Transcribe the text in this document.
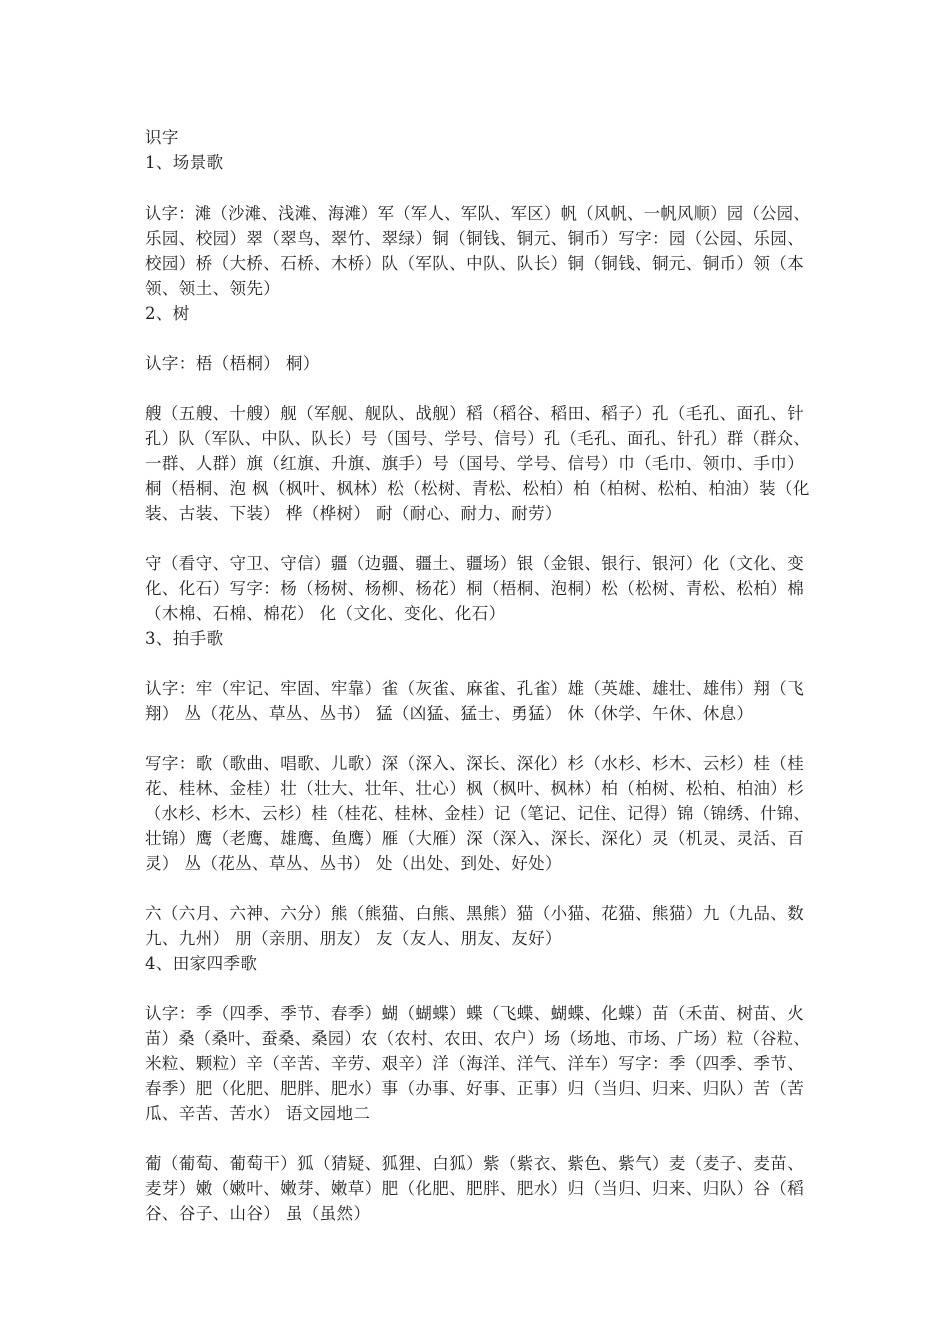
识字
1、场景歌
认字：滩（沙滩、浅滩、海滩）军（军人、军队、军区）帆（风帆、一帆风顺）园（公园、
乐园、校园）翠（翠鸟、翠竹、翠绿）铜（铜钱、铜元、铜币）写字：园（公园、乐园、
校园）桥（大桥、石桥、木桥）队（军队、中队、队长）铜（铜钱、铜元、铜币）领（本
领、领土、领先）
2、树
认字：梧（梧桐） 桐）
艘（五艘、十艘）舰（军舰、舰队、战舰）稻（稻谷、稻田、稻子）孔（毛孔、面孔、针
孔）队（军队、中队、队长）号（国号、学号、信号）孔（毛孔、面孔、针孔）群（群众、
一群、人群）旗（红旗、升旗、旗手）号（国号、学号、信号）巾（毛巾、领巾、手巾）
桐（梧桐、泡 枫（枫叶、枫林）松（松树、青松、松柏）柏（柏树、松柏、柏油）装（化
装、古装、下装） 桦（桦树） 耐（耐心、耐力、耐劳）
守（看守、守卫、守信）疆（边疆、疆土、疆场）银（金银、银行、银河）化（文化、变
化、化石）写字：杨（杨树、杨柳、杨花）桐（梧桐、泡桐）松（松树、青松、松柏）棉
（木棉、石棉、棉花） 化（文化、变化、化石）
3、拍手歌
认字：牢（牢记、牢固、牢靠）雀（灰雀、麻雀、孔雀）雄（英雄、雄壮、雄伟）翔（飞
翔） 丛（花丛、草丛、丛书） 猛（凶猛、猛士、勇猛） 休（休学、午休、休息）
写字：歌（歌曲、唱歌、儿歌）深（深入、深长、深化）杉（水杉、杉木、云杉）桂（桂
花、桂林、金桂）壮（壮大、壮年、壮心）枫（枫叶、枫林）柏（柏树、松柏、柏油）杉
（水杉、杉木、云杉）桂（桂花、桂林、金桂）记（笔记、记住、记得）锦（锦绣、什锦、
壮锦）鹰（老鹰、雄鹰、鱼鹰）雁（大雁）深（深入、深长、深化）灵（机灵、灵活、百
灵） 丛（花丛、草丛、丛书） 处（出处、到处、好处）
六（六月、六神、六分）熊（熊猫、白熊、黑熊）猫（小猫、花猫、熊猫）九（九品、数
九、九州） 朋（亲朋、朋友） 友（友人、朋友、友好）
4、田家四季歌
认字：季（四季、季节、春季）蝴（蝴蝶）蝶（飞蝶、蝴蝶、化蝶）苗（禾苗、树苗、火
苗）桑（桑叶、蚕桑、桑园）农（农村、农田、农户）场（场地、市场、广场）粒（谷粒、
米粒、颗粒）辛（辛苦、辛劳、艰辛）洋（海洋、洋气、洋车）写字：季（四季、季节、
春季）肥（化肥、肥胖、肥水）事（办事、好事、正事）归（当归、归来、归队）苦（苦
瓜、辛苦、苦水） 语文园地二
葡（葡萄、葡萄干）狐（猜疑、狐狸、白狐）紫（紫衣、紫色、紫气）麦（麦子、麦苗、
麦芽）嫩（嫩叶、嫩芽、嫩草）肥（化肥、肥胖、肥水）归（当归、归来、归队）谷（稻
谷、谷子、山谷） 虽（虽然）
